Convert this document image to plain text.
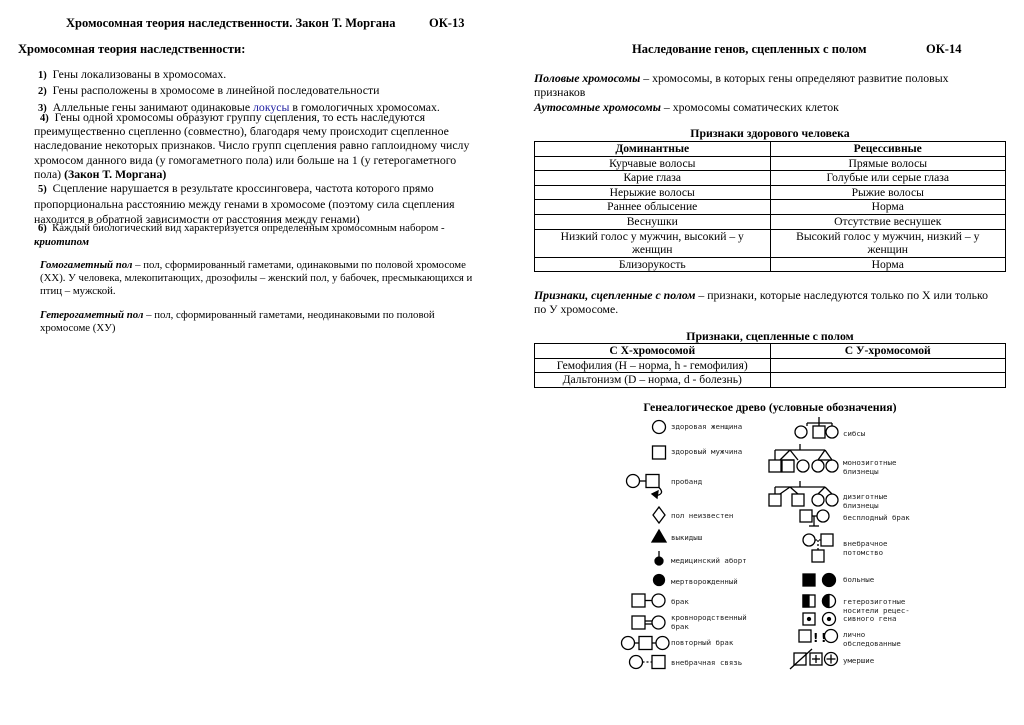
Хромосомная теория наследственности. Закон Т. Моргана	ОК-13
Хромосомная теория наследственности:
1) Гены локализованы в хромосомах.
2) Гены расположены в хромосоме в линейной последовательности
3) Аллельные гены занимают одинаковые локусы в гомологичных хромосомах.
4) Гены одной хромосомы образуют группу сцепления, то есть наследуются
преимущественно сцепленно (совместно), благодаря чему происходит сцепленное
наследование некоторых признаков. Число групп сцепления равно гаплоидному числу
хромосом данного вида (у гомогаметного пола) или больше на 1 (у гетерогаметного
пола) (Закон Т. Моргана)
5) Сцепление нарушается в результате кроссинговера, частота которого прямо
пропорциональна расстоянию между генами в хромосоме (поэтому сила сцепления
находится в обратной зависимости от расстояния между генами)
6) Каждый биологический вид характеризуется определенным хромосомным набором -
криотипом
Гомогаметный пол – пол, сформированный гаметами, одинаковыми по половой хромосоме
(ХХ). У человека, млекопитающих, дрозофилы – женский пол, у бабочек, пресмыкающихся и
птиц – мужской.
Гетерогаметный пол – пол, сформированный гаметами, неодинаковыми по половой
хромосоме (ХУ)
Наследование генов, сцепленных с полом	ОК-14
Половые хромосомы – хромосомы, в которых гены определяют развитие половых
признаков
Аутосомные хромосомы – хромосомы соматических клеток
Признаки здорового человека
Доминантные	Рецессивные
Курчавые волосы	Прямые волосы
Карие глаза	Голубые или серые глаза
Нерыжие волосы	Рыжие волосы
Раннее облысение	Норма
Веснушки	Отсутствие веснушек
Низкий голос у мужчин, высокий – у
женщин	Высокий голос у мужчин, низкий – у
женщин
Близорукость	Норма
Признаки, сцепленные с полом – признаки, которые наследуются только по Х или только
по У хромосоме.
Признаки, сцепленные с полом
С Х-хромосомой	С У-хромосомой
Гемофилия (Н – норма, h - гемофилия)	
Дальтонизм (D – норма, d - болезнь)	
Генеалогическое древо (условные обозначения)
! !
здоровая женщина
здоровый мужчина
пробанд
пол неизвестен
выкидыш
медицинский аборт
мертворожденный
брак
кровнородственный
брак
повторный брак
внебрачная связь
сибсы
монозиготные
близнецы
дизиготные
близнецы
бесплодный брак
внебрачное
потомство
больные
гетерозиготные
носители рецес-
сивного гена
лично
обследованные
умершие
